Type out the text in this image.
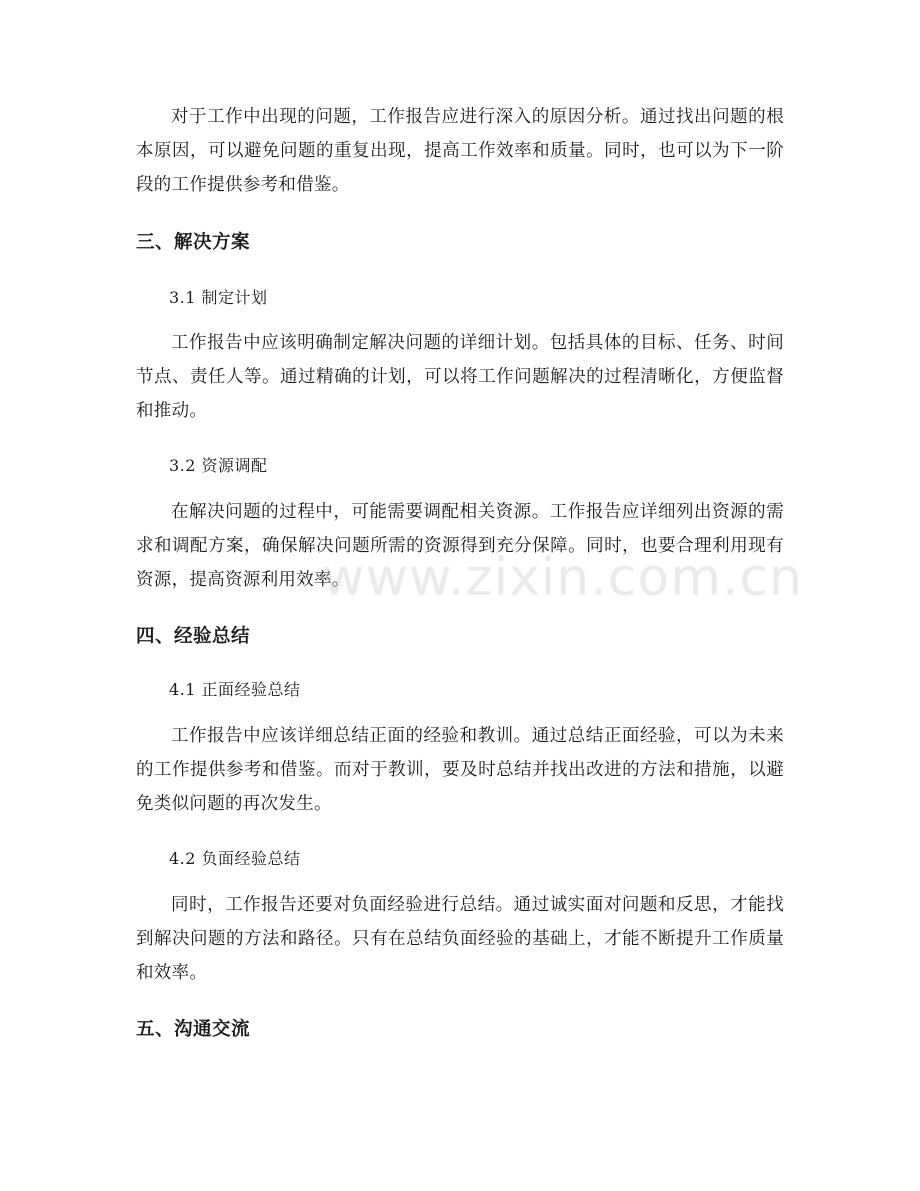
对于工作中出现的问题，工作报告应进行深入的原因分析。通过找出问题的根本原因，可以避免问题的重复出现，提高工作效率和质量。同时，也可以为下一阶段的工作提供参考和借鉴。

三、解决方案
3.1 制定计划

工作报告中应该明确制定解决问题的详细计划。包括具体的目标、任务、时间节点、责任人等。通过精确的计划，可以将工作问题解决的过程清晰化，方便监督和推动。

3.2 资源调配

在解决问题的过程中，可能需要调配相关资源。工作报告应详细列出资源的需求和调配方案，确保解决问题所需的资源得到充分保障。同时，也要合理利用现有资源，提高资源利用效率。

四、经验总结
4.1 正面经验总结

工作报告中应该详细总结正面的经验和教训。通过总结正面经验，可以为未来的工作提供参考和借鉴。而对于教训，要及时总结并找出改进的方法和措施，以避免类似问题的再次发生。

4.2 负面经验总结

同时，工作报告还要对负面经验进行总结。通过诚实面对问题和反思，才能找到解决问题的方法和路径。只有在总结负面经验的基础上，才能不断提升工作质量和效率。

五、沟通交流
www.zixin.com.cn
